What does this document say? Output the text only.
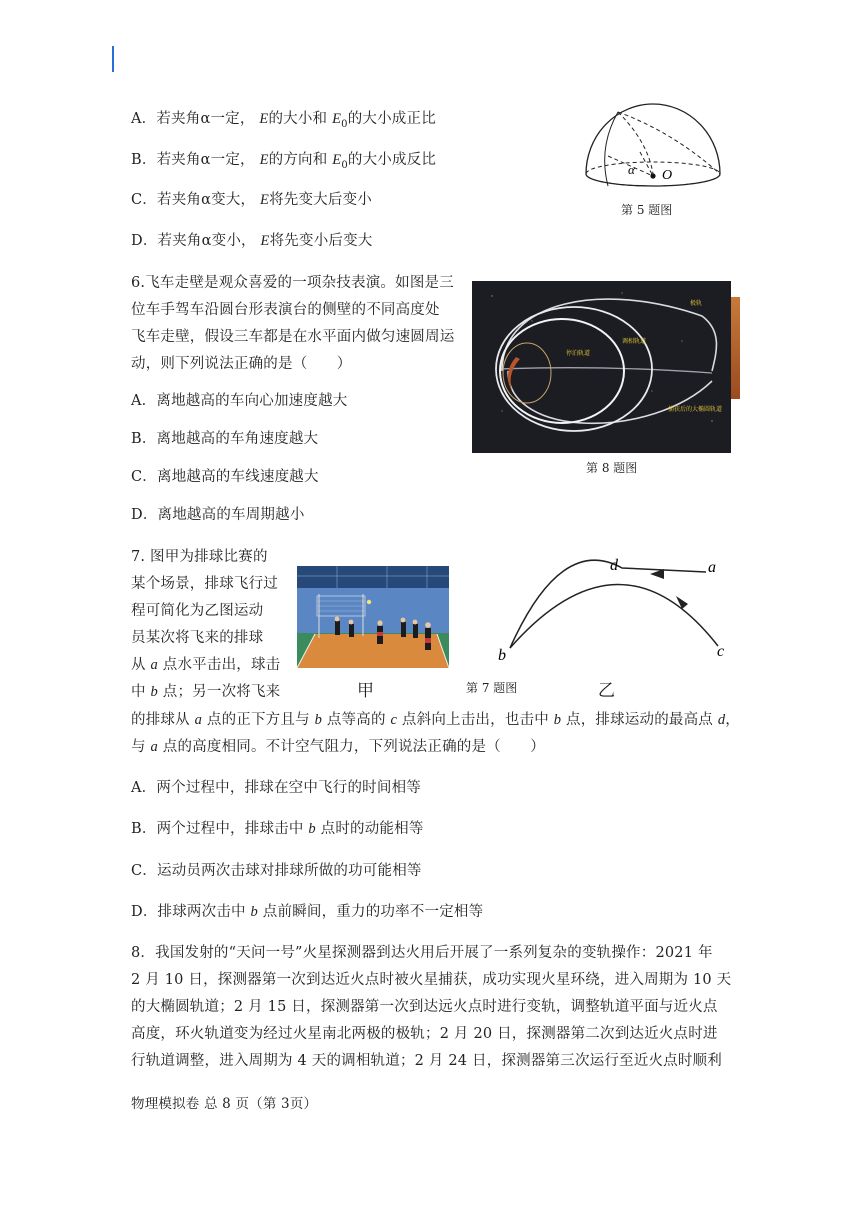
A．若夹角α一定， E的大小和 $E_0$的大小成正比
B．若夹角α一定， E的方向和 $E_0$的大小成反比
C．若夹角α变大， E将先变大后变小
D．若夹角α变小， E将先变小后变大
α O
第 5 题图
6.飞车走壁是观众喜爱的一项杂技表演。如图是三
位车手驾车沿圆台形表演台的侧壁的不同高度处
飞车走壁，假设三车都是在水平面内做匀速圆周运
动，则下列说法正确的是（　　）
A．离地越高的车向心加速度越大
B．离地越高的车角速度越大
C．离地越高的车线速度越大
D．离地越高的车周期越小
极轨
调相轨道
停泊轨道
捕获后的大椭圆轨道
第 8 题图
7. 图甲为排球比赛的
某个场景，排球飞行过
程可简化为乙图运动
员某次将飞来的排球
从 a 点水平击出，球击
中 b 点；另一次将飞来
的排球从 a 点的正下方且与 b 点等高的 c 点斜向上击出，也击中 b 点，排球运动的最高点 d，
与 a 点的高度相同。不计空气阻力，下列说法正确的是（　　）
甲
d	a
b	c
第 7 题图	乙
A．两个过程中，排球在空中飞行的时间相等
B．两个过程中，排球击中 b 点时的动能相等
C．运动员两次击球对排球所做的功可能相等
D．排球两次击中 b 点前瞬间，重力的功率不一定相等
8．我国发射的“天问一号”火星探测器到达火用后开展了一系列复杂的变轨操作：2021 年
2 月 10 日，探测器第一次到达近火点时被火星捕获，成功实现火星环绕，进入周期为 10 天
的大椭圆轨道；2 月 15 日，探测器第一次到达远火点时进行变轨，调整轨道平面与近火点
高度，环火轨道变为经过火星南北两极的极轨；2 月 20 日，探测器第二次到达近火点时进
行轨道调整，进入周期为 4 天的调相轨道；2 月 24 日，探测器第三次运行至近火点时顺利
物理模拟卷 总 8 页（第 3页）
